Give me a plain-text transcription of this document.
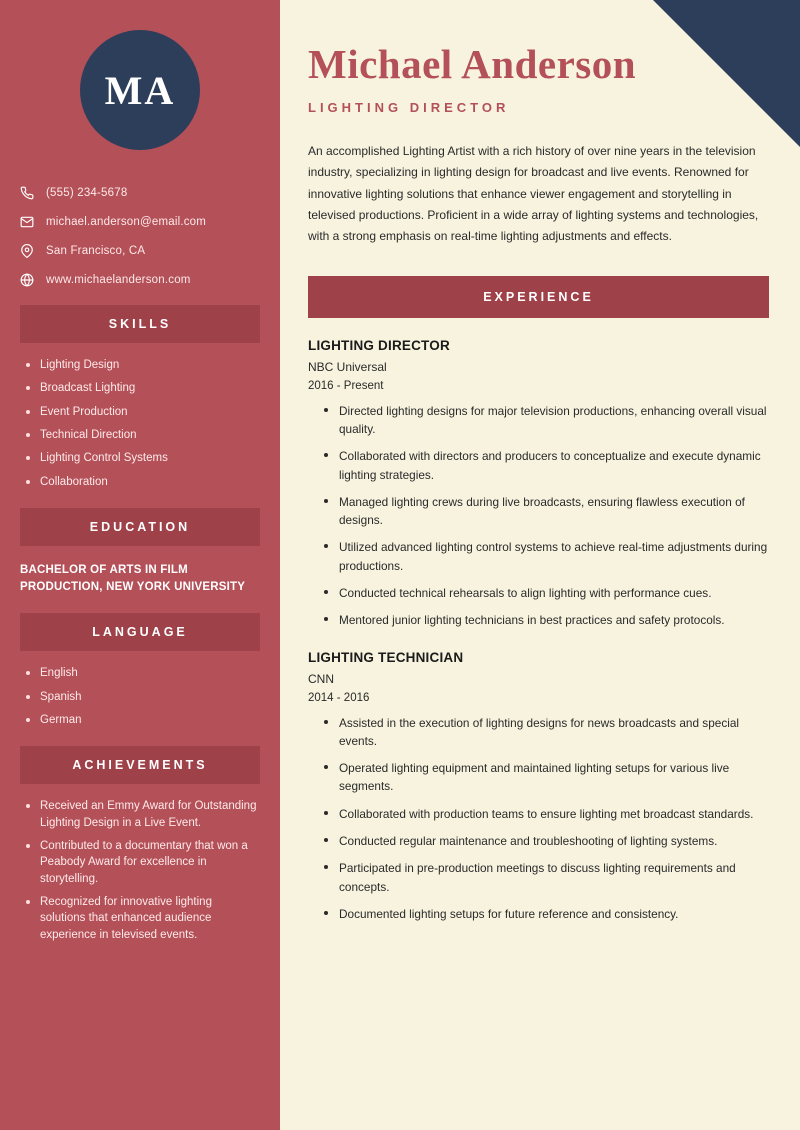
MA
(555) 234-5678
michael.anderson@email.com
San Francisco, CA
www.michaelanderson.com
SKILLS
Lighting Design
Broadcast Lighting
Event Production
Technical Direction
Lighting Control Systems
Collaboration
EDUCATION
BACHELOR OF ARTS IN FILM PRODUCTION, NEW YORK UNIVERSITY
LANGUAGE
English
Spanish
German
ACHIEVEMENTS
Received an Emmy Award for Outstanding Lighting Design in a Live Event.
Contributed to a documentary that won a Peabody Award for excellence in storytelling.
Recognized for innovative lighting solutions that enhanced audience experience in televised events.
Michael Anderson
LIGHTING DIRECTOR

An accomplished Lighting Artist with a rich history of over nine years in the television industry, specializing in lighting design for broadcast and live events. Renowned for innovative lighting solutions that enhance viewer engagement and storytelling in televised productions. Proficient in a wide array of lighting systems and technologies, with a strong emphasis on real-time lighting adjustments and effects.

EXPERIENCE
LIGHTING DIRECTOR
NBC Universal
2016 - Present
Directed lighting designs for major television productions, enhancing overall visual quality.
Collaborated with directors and producers to conceptualize and execute dynamic lighting strategies.
Managed lighting crews during live broadcasts, ensuring flawless execution of designs.
Utilized advanced lighting control systems to achieve real-time adjustments during productions.
Conducted technical rehearsals to align lighting with performance cues.
Mentored junior lighting technicians in best practices and safety protocols.
LIGHTING TECHNICIAN
CNN
2014 - 2016
Assisted in the execution of lighting designs for news broadcasts and special events.
Operated lighting equipment and maintained lighting setups for various live segments.
Collaborated with production teams to ensure lighting met broadcast standards.
Conducted regular maintenance and troubleshooting of lighting systems.
Participated in pre-production meetings to discuss lighting requirements and concepts.
Documented lighting setups for future reference and consistency.
